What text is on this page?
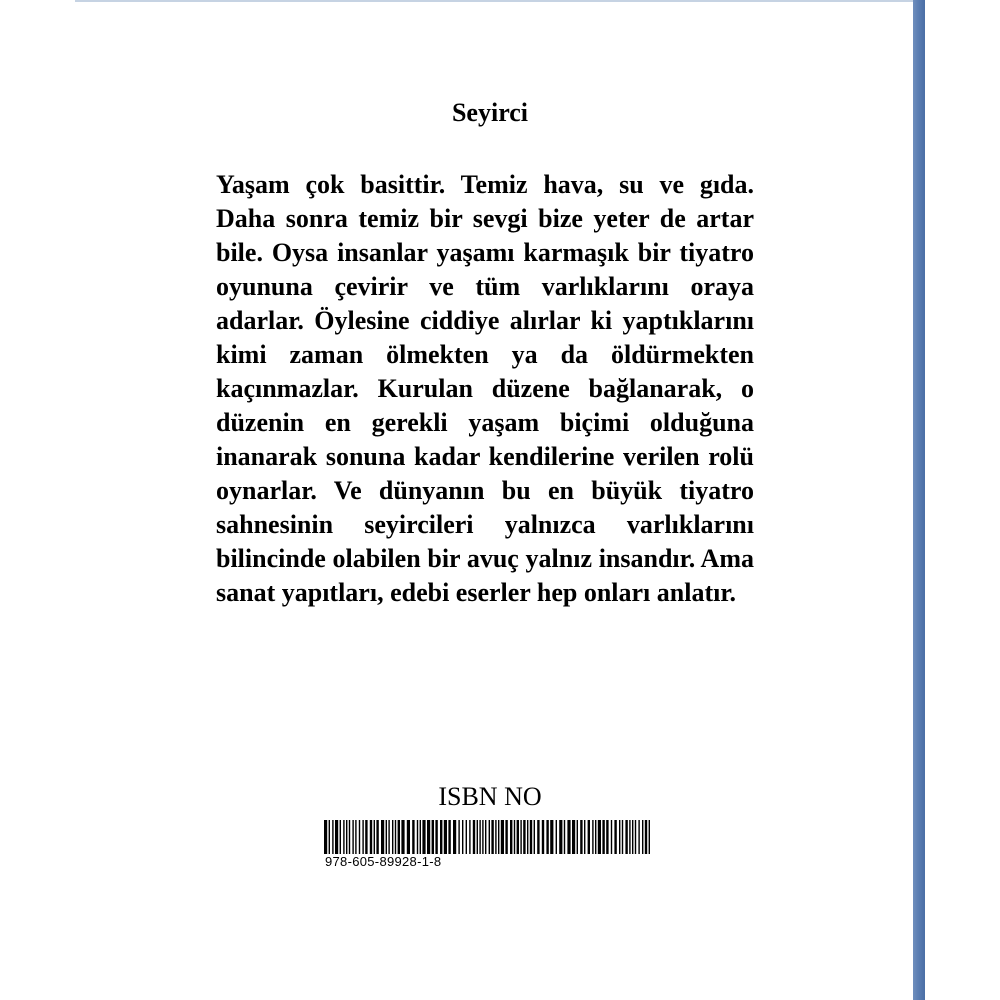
Seyirci

Yaşam çok basittir. Temiz hava, su ve gıda. Daha sonra temiz bir sevgi bize yeter de artar bile. Oysa insanlar yaşamı karmaşık bir tiyatro oyununa çevirir ve tüm varlıklarını oraya adarlar. Öylesine ciddiye alırlar ki yaptıklarını kimi zaman ölmekten ya da öldürmekten kaçınmazlar. Kurulan düzene bağlanarak, o düzenin en gerekli yaşam biçimi olduğuna inanarak sonuna kadar kendilerine verilen rolü oynarlar. Ve dünyanın bu en büyük tiyatro sahnesinin seyircileri yalnızca varlıklarını bilincinde olabilen bir avuç yalnız insandır. Ama sanat yapıtları, edebi eserler hep onları anlatır.

ISBN NO

978-605-89928-1-8
